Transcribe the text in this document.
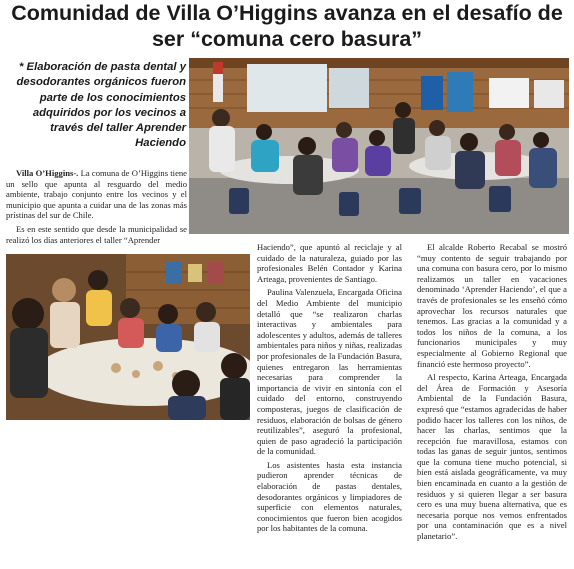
Comunidad de Villa O’Higgins avanza en el desafío de ser “comuna cero basura”
* Elaboración de pasta dental y desodorantes orgánicos fueron parte de los conocimientos adquiridos por los vecinos a través del taller Aprender Haciendo

Villa O’Higgins-. La comuna de O’Higgins tiene un sello que apunta al resguardo del medio ambiente, trabajo conjunto entre los vecinos y el municipio que apunta a cuidar una de las zonas más prístinas del sur de Chile.

Es en este sentido que desde la municipalidad se realizó los días anteriores el taller “Aprender

Haciendo”, que apuntó al reciclaje y al cuidado de la naturaleza, guiado por las profesionales Belén Contador y Karina Arteaga, provenientes de Santiago.

Paulina Valenzuela, Encargada Oficina del Medio Ambiente del municipio detalló que “se realizaron charlas interactivas y ambientales para adolescentes y adultos, además de talleres ambientales para niños y niñas, realizadas por profesionales de la Fundación Basura, quienes entregaron las herramientas necesarias para comprender la importancia de vivir en sintonía con el cuidado del entorno, construyendo composteras, juegos de clasificación de residuos, elaboración de bolsas de género reutilizables”, aseguró la profesional, quien de paso agradeció la participación de la comunidad.

Los asistentes hasta esta instancia pudieron aprender técnicas de elaboración de pastas dentales, desodorantes orgánicos y limpiadores de superficie con elementos naturales, conocimientos que fueron bien acogidos por los habitantes de la comuna.

El alcalde Roberto Recabal se mostró “muy contento de seguir trabajando por una comuna con basura cero, por lo mismo realizamos un taller en vacaciones denominado ‘Aprender Haciendo’, el que a través de profesionales se les enseñó cómo aprovechar los recursos naturales que tenemos. Las gracias a la comunidad y a todos los niños de la comuna, a los funcionarios municipales y muy especialmente al Gobierno Regional que financió este hermoso proyecto”.

Al respecto, Karina Arteaga, Encargada del Área de Formación y Asesoría Ambiental de la Fundación Basura, expresó que “estamos agradecidas de haber podido hacer los talleres con los niños, de hacer las charlas, sentimos que la recepción fue maravillosa, estamos con todas las ganas de seguir juntos, sentimos que la comuna tiene mucho potencial, si bien está aislada geográficamente, va muy bien encaminada en cuanto a la gestión de residuos y si quieren llegar a ser basura cero es una muy buena alternativa, que es necesaria porque nos vemos enfrentados por una contaminación que es a nivel planetario”.
